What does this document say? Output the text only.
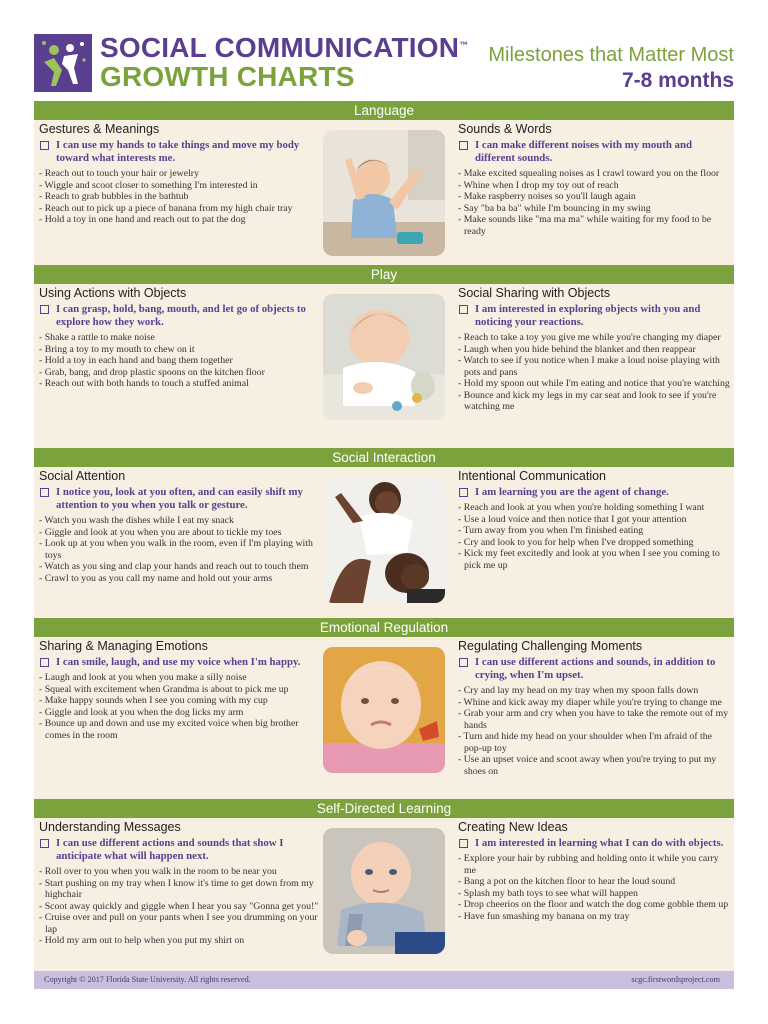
SOCIAL COMMUNICATION™
GROWTH CHARTS
Milestones that Matter Most
7-8 months
Language
Gestures & Meanings
I can use my hands to take things and move my body toward what interests me.
- Reach out to touch your hair or jewelry
- Wiggle and scoot closer to something I'm interested in
- Reach to grab bubbles in the bathtub
- Reach out to pick up a piece of banana from my high chair tray
- Hold a toy in one hand and reach out to pat the dog
Sounds & Words
I can make different noises with my mouth and different sounds.
- Make excited squealing noises as I crawl toward you on the floor
- Whine when I drop my toy out of reach
- Make raspberry noises so you'll laugh again
- Say "ba ba ba" while I'm bouncing in my swing
- Make sounds like "ma ma ma" while waiting for my food to be ready
Play
Using Actions with Objects
I can grasp, hold, bang, mouth, and let go of objects to explore how they work.
- Shake a rattle to make noise
- Bring a toy to my mouth to chew on it
- Hold a toy in each hand and bang them together
- Grab, bang, and drop plastic spoons on the kitchen floor
- Reach out with both hands to touch a stuffed animal
Social Sharing with Objects
I am interested in exploring objects with you and noticing your reactions.
- Reach to take a toy you give me while you're changing my diaper
- Laugh when you hide behind the blanket and then reappear
- Watch to see if you notice when I make a loud noise playing with pots and pans
- Hold my spoon out while I'm eating and notice that you're watching
- Bounce and kick my legs in my car seat and look to see if you're watching me
Social Interaction
Social Attention
I notice you, look at you often, and can easily shift my attention to you when you talk or gesture.
- Watch you wash the dishes while I eat my snack
- Giggle and look at you when you are about to tickle my toes
- Look up at you when you walk in the room, even if I'm playing with toys
- Watch as you sing and clap your hands and reach out to touch them
- Crawl to you as you call my name and hold out your arms
Intentional Communication
I am learning you are the agent of change.
- Reach and look at you when you're holding something I want
- Use a loud voice and then notice that I got your attention
- Turn away from you when I'm finished eating
- Cry and look to you for help when I've dropped something
- Kick my feet excitedly and look at you when I see you coming to pick me up
Emotional Regulation
Sharing & Managing Emotions
I can smile, laugh, and use my voice when I'm happy.
- Laugh and look at you when you make a silly noise
- Squeal with excitement when Grandma is about to pick me up
- Make happy sounds when I see you coming with my cup
- Giggle and look at you when the dog licks my arm
- Bounce up and down and use my excited voice when big brother comes in the room
Regulating Challenging Moments
I can use different actions and sounds, in addition to crying, when I'm upset.
- Cry and lay my head on my tray when my spoon falls down
- Whine and kick away my diaper while you're trying to change me
- Grab your arm and cry when you have to take the remote out of my hands
- Turn and hide my head on your shoulder when I'm afraid of the pop-up toy
- Use an upset voice and scoot away when you're trying to put my shoes on
Self-Directed Learning
Understanding Messages
I can use different actions and sounds that show I anticipate what will happen next.
- Roll over to you when you walk in the room to be near you
- Start pushing on my tray when I know it's time to get down from my highchair
- Scoot away quickly and giggle when I hear you say "Gonna get you!"
- Cruise over and pull on your pants when I see you drumming on your lap
- Hold my arm out to help when you put my shirt on
Creating New Ideas
I am interested in learning what I can do with objects.
- Explore your hair by rubbing and holding onto it while you carry me
- Bang a pot on the kitchen floor to hear the loud sound
- Splash my bath toys to see what will happen
- Drop cheerios on the floor and watch the dog come gobble them up
- Have fun smashing my banana on my tray
Copyright © 2017 Florida State University. All rights reserved.	scgc.firstwordsproject.com
